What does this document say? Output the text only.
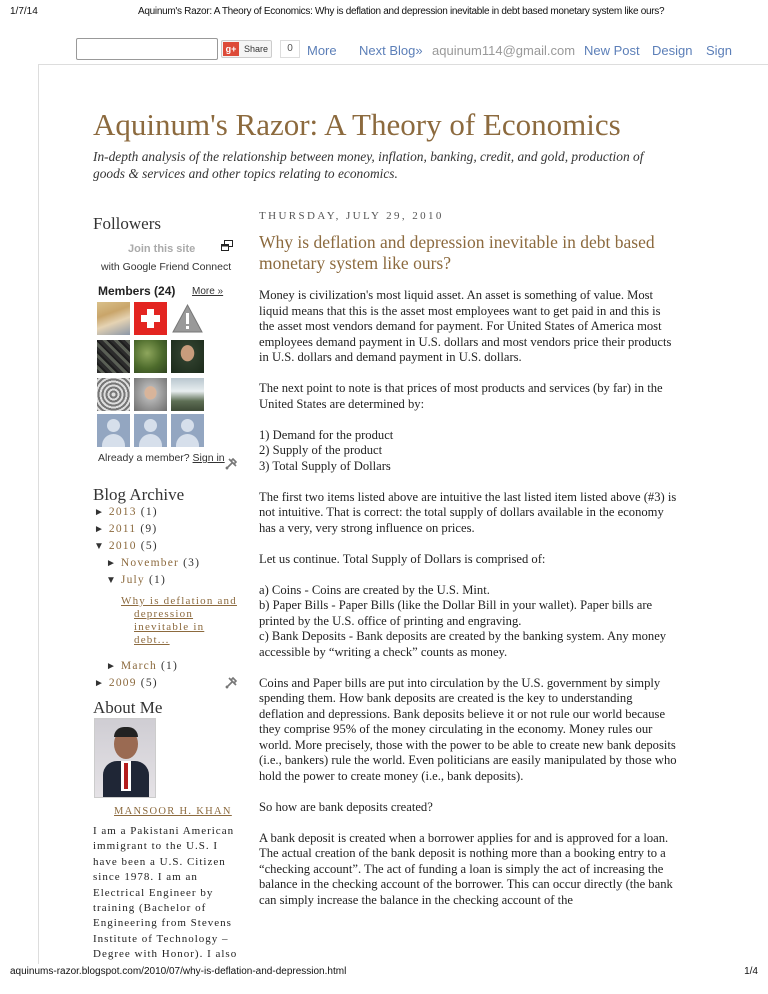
1/7/14	Aquinum's Razor: A Theory of Economics: Why is deflation and depression inevitable in debt based monetary system like ours?
g+ Share	0	More Next Blog» aquinum114@gmail.com New Post Design Sign
Aquinum's Razor: A Theory of Economics
In-depth analysis of the relationship between money, inflation, banking, credit, and gold, production of goods & services and other topics relating to economics.
Followers
Join this site
with Google Friend Connect
Members (24) More »
Already a member? Sign in
Blog Archive
► 2013 (1)
► 2011 (9)
▼ 2010 (5)
► November (3)
▼ July (1)
Why is deflation and
depression
inevitable in
debt...
► March (1)
► 2009 (5)
About Me
MANSOOR H. KHAN
I am a Pakistani American immigrant to the U.S. I have been a U.S. Citizen since 1978. I am an Electrical Engineer by training (Bachelor of Engineering from Stevens Institute of Technology – Degree with Honor). I also
THURSDAY, JULY 29, 2010
Why is deflation and depression inevitable in debt based monetary system like ours?

Money is civilization's most liquid asset. An asset is something of value. Most liquid means that this is the asset most employees want to get paid in and this is the asset most vendors demand for payment. For United States of America most employees demand payment in U.S. dollars and most vendors price their products in U.S. dollars and demand payment in U.S. dollars.

The next point to note is that prices of most products and services (by far) in the United States are determined by:

1) Demand for the product
2) Supply of the product
3) Total Supply of Dollars

The first two items listed above are intuitive the last listed item listed above (#3) is not intuitive. That is correct: the total supply of dollars available in the economy has a very, very strong influence on prices.

Let us continue. Total Supply of Dollars is comprised of:

a) Coins - Coins are created by the U.S. Mint.
b) Paper Bills - Paper Bills (like the Dollar Bill in your wallet). Paper bills are printed by the U.S. office of printing and engraving.
c) Bank Deposits - Bank deposits are created by the banking system. Any money accessible by “writing a check” counts as money.

Coins and Paper bills are put into circulation by the U.S. government by simply spending them. How bank deposits are created is the key to understanding deflation and depressions. Bank deposits believe it or not rule our world because they comprise 95% of the money circulating in the economy. Money rules our world. More precisely, those with the power to be able to create new bank deposits (i.e., bankers) rule the world. Even politicians are easily manipulated by those who hold the power to create money (i.e., bank deposits).

So how are bank deposits created?

A bank deposit is created when a borrower applies for and is approved for a loan. The actual creation of the bank deposit is nothing more than a booking entry to a “checking account”. The act of funding a loan is simply the act of increasing the balance in the checking account of the borrower. This can occur directly (the bank can simply increase the balance in the checking account of the

aquinums-razor.blogspot.com/2010/07/why-is-deflation-and-depression.html	1/4
